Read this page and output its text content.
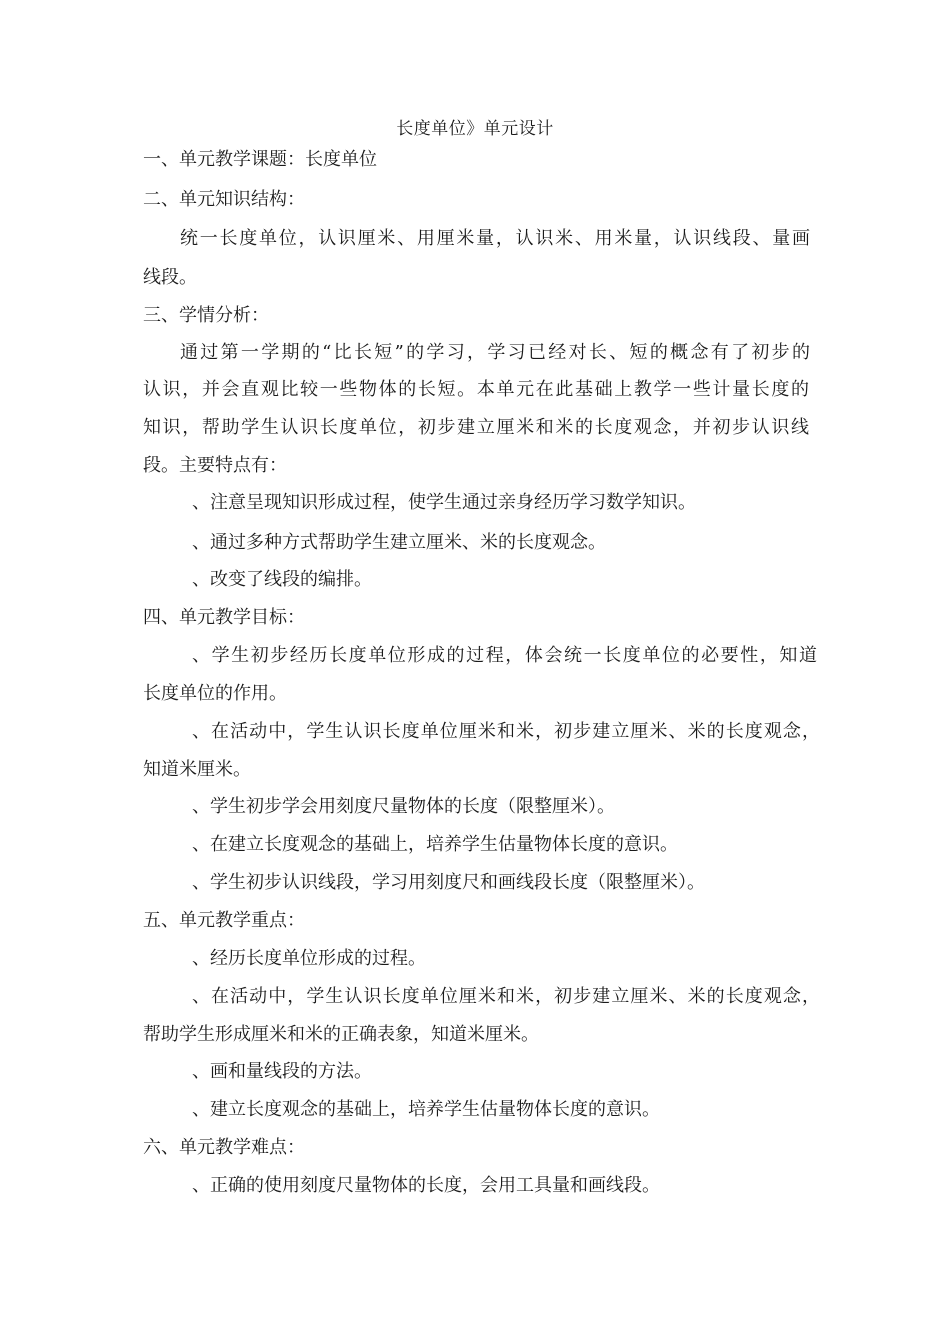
长度单位》单元设计
一、单元教学课题：长度单位
二、单元知识结构：
统一长度单位，认识厘米、用厘米量，认识米、用米量，认识线段、量画
线段。
三、学情分析：
通过第一学期的“比长短”的学习，学习已经对长、短的概念有了初步的
认识，并会直观比较一些物体的长短。本单元在此基础上教学一些计量长度的
知识，帮助学生认识长度单位，初步建立厘米和米的长度观念，并初步认识线
段。主要特点有：
、注意呈现知识形成过程，使学生通过亲身经历学习数学知识。
、通过多种方式帮助学生建立厘米、米的长度观念。
、改变了线段的编排。
四、单元教学目标：
、学生初步经历长度单位形成的过程，体会统一长度单位的必要性，知道
长度单位的作用。
、在活动中，学生认识长度单位厘米和米，初步建立厘米、米的长度观念，
知道米厘米。
、学生初步学会用刻度尺量物体的长度（限整厘米）。
、在建立长度观念的基础上，培养学生估量物体长度的意识。
、学生初步认识线段，学习用刻度尺和画线段长度（限整厘米）。
五、单元教学重点：
、经历长度单位形成的过程。
、在活动中，学生认识长度单位厘米和米，初步建立厘米、米的长度观念，
帮助学生形成厘米和米的正确表象，知道米厘米。
、画和量线段的方法。
、建立长度观念的基础上，培养学生估量物体长度的意识。
六、单元教学难点：
、正确的使用刻度尺量物体的长度，会用工具量和画线段。
